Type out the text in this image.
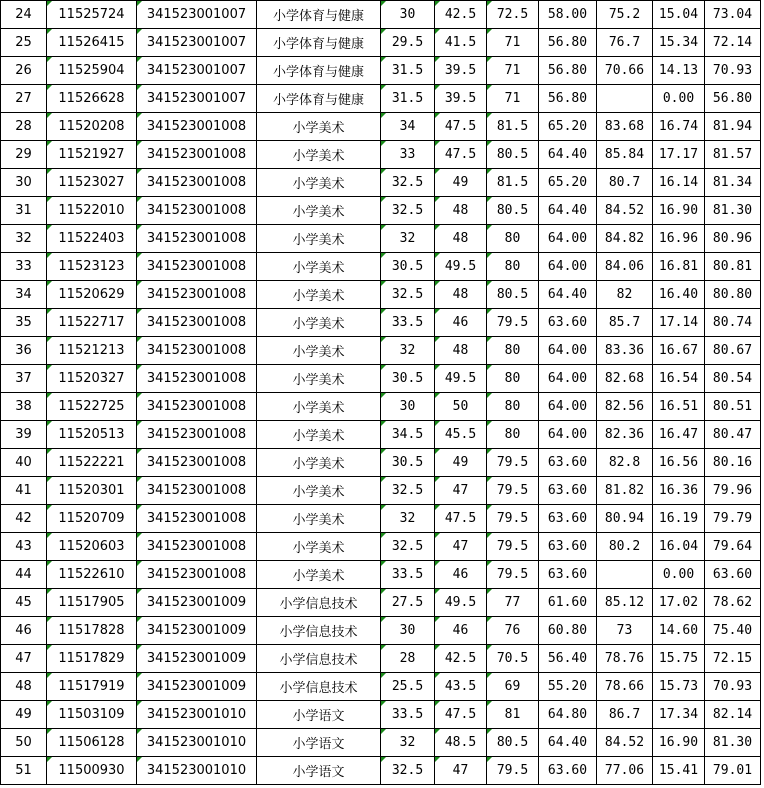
24	11525724	341523001007	小学体育与健康	30	42.5	72.5	58.00	75.2	15.04	73.04
25	11526415	341523001007	小学体育与健康	29.5	41.5	71	56.80	76.7	15.34	72.14
26	11525904	341523001007	小学体育与健康	31.5	39.5	71	56.80	70.66	14.13	70.93
27	11526628	341523001007	小学体育与健康	31.5	39.5	71	56.80		0.00	56.80
28	11520208	341523001008	小学美术	34	47.5	81.5	65.20	83.68	16.74	81.94
29	11521927	341523001008	小学美术	33	47.5	80.5	64.40	85.84	17.17	81.57
30	11523027	341523001008	小学美术	32.5	49	81.5	65.20	80.7	16.14	81.34
31	11522010	341523001008	小学美术	32.5	48	80.5	64.40	84.52	16.90	81.30
32	11522403	341523001008	小学美术	32	48	80	64.00	84.82	16.96	80.96
33	11523123	341523001008	小学美术	30.5	49.5	80	64.00	84.06	16.81	80.81
34	11520629	341523001008	小学美术	32.5	48	80.5	64.40	82	16.40	80.80
35	11522717	341523001008	小学美术	33.5	46	79.5	63.60	85.7	17.14	80.74
36	11521213	341523001008	小学美术	32	48	80	64.00	83.36	16.67	80.67
37	11520327	341523001008	小学美术	30.5	49.5	80	64.00	82.68	16.54	80.54
38	11522725	341523001008	小学美术	30	50	80	64.00	82.56	16.51	80.51
39	11520513	341523001008	小学美术	34.5	45.5	80	64.00	82.36	16.47	80.47
40	11522221	341523001008	小学美术	30.5	49	79.5	63.60	82.8	16.56	80.16
41	11520301	341523001008	小学美术	32.5	47	79.5	63.60	81.82	16.36	79.96
42	11520709	341523001008	小学美术	32	47.5	79.5	63.60	80.94	16.19	79.79
43	11520603	341523001008	小学美术	32.5	47	79.5	63.60	80.2	16.04	79.64
44	11522610	341523001008	小学美术	33.5	46	79.5	63.60		0.00	63.60
45	11517905	341523001009	小学信息技术	27.5	49.5	77	61.60	85.12	17.02	78.62
46	11517828	341523001009	小学信息技术	30	46	76	60.80	73	14.60	75.40
47	11517829	341523001009	小学信息技术	28	42.5	70.5	56.40	78.76	15.75	72.15
48	11517919	341523001009	小学信息技术	25.5	43.5	69	55.20	78.66	15.73	70.93
49	11503109	341523001010	小学语文	33.5	47.5	81	64.80	86.7	17.34	82.14
50	11506128	341523001010	小学语文	32	48.5	80.5	64.40	84.52	16.90	81.30
51	11500930	341523001010	小学语文	32.5	47	79.5	63.60	77.06	15.41	79.01
